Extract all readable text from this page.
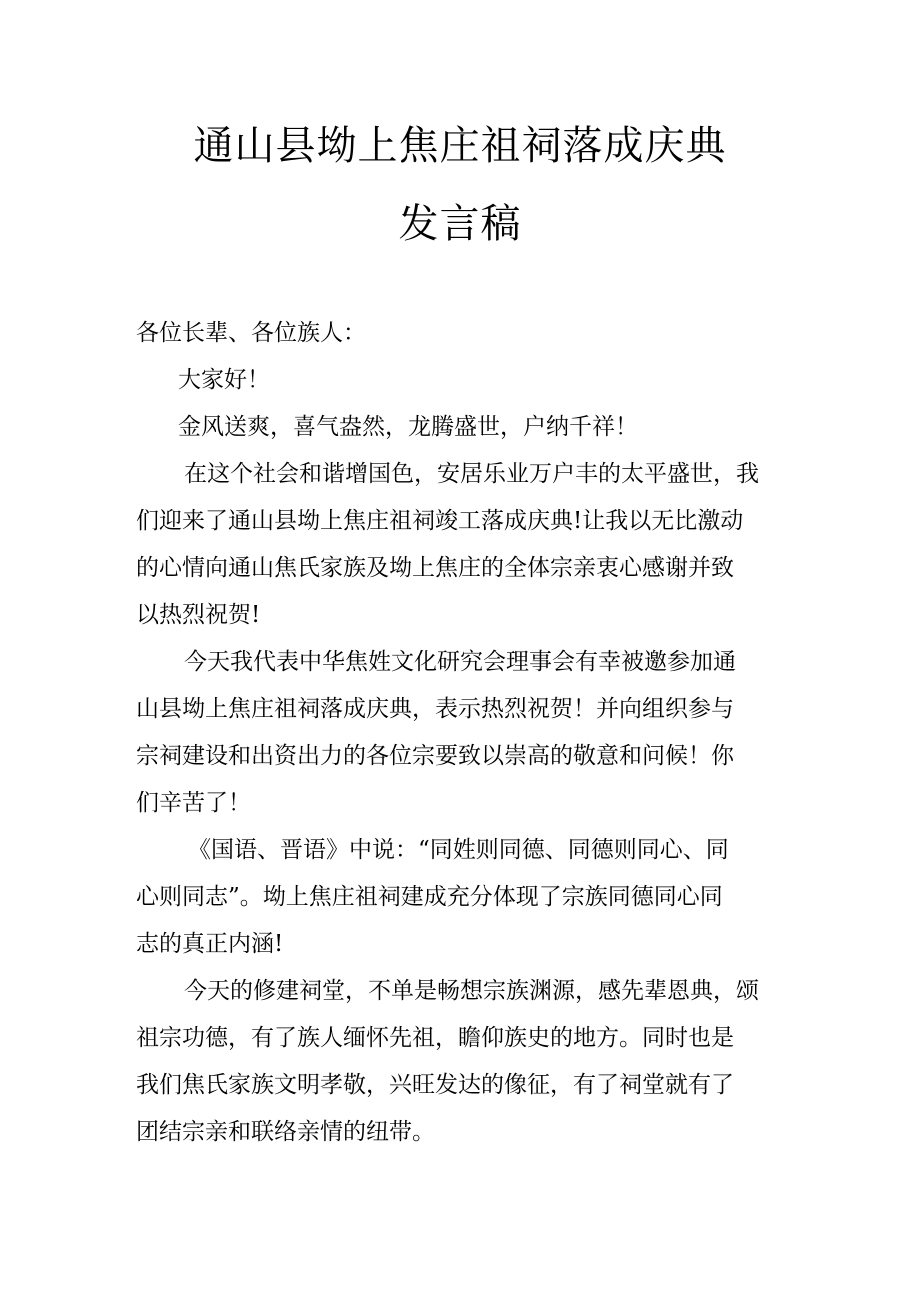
通山县坳上焦庄祖祠落成庆典
发言稿
各位长辈、各位族人：
大家好！
金风送爽，喜气盎然，龙腾盛世，户纳千祥！
在这个社会和谐增国色，安居乐业万户丰的太平盛世，我
们迎来了通山县坳上焦庄祖祠竣工落成庆典!让我以无比激动
的心情向通山焦氏家族及坳上焦庄的全体宗亲衷心感谢并致
以热烈祝贺!
今天我代表中华焦姓文化研究会理事会有幸被邀参加通
山县坳上焦庄祖祠落成庆典，表示热烈祝贺！并向组织参与
宗祠建设和出资出力的各位宗要致以崇高的敬意和问候！你
们辛苦了！
《国语、晋语》中说：“同姓则同德、同德则同心、同
心则同志”。坳上焦庄祖祠建成充分体现了宗族同德同心同
志的真正内涵!
今天的修建祠堂，不单是畅想宗族渊源，感先辈恩典，颂
祖宗功德，有了族人缅怀先祖，瞻仰族史的地方。同时也是
我们焦氏家族文明孝敬，兴旺发达的像征，有了祠堂就有了
团结宗亲和联络亲情的纽带。
